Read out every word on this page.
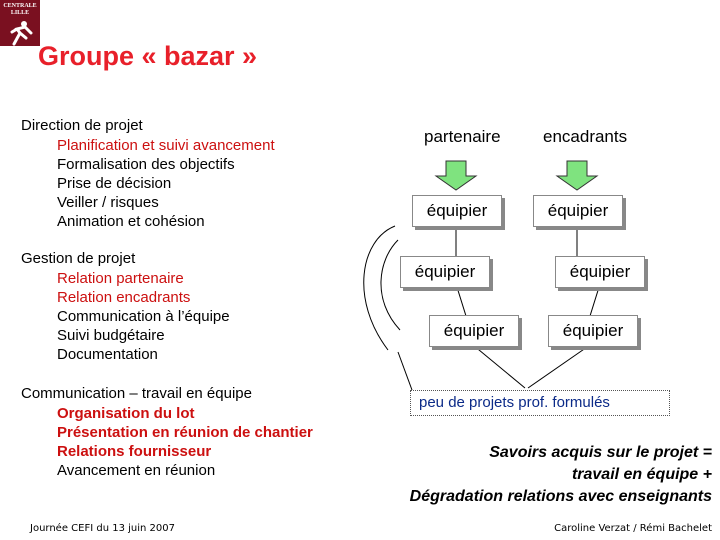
CENTRALE
LILLE
Groupe « bazar »
Direction de projet
Planification et suivi avancement
Formalisation des objectifs
Prise de décision
Veiller / risques
Animation et cohésion
Gestion de projet
Relation partenaire
Relation encadrants
Communication à l’équipe
Suivi budgétaire
Documentation
Communication – travail en équipe
Organisation du lot
Présentation en réunion de chantier
Relations fournisseur
Avancement en réunion
partenaire encadrants
équipier	équipier
équipier	équipier
équipier	équipier
peu de projets prof. formulés
Savoirs acquis sur le projet =
travail en équipe +
Dégradation relations avec enseignants
Journée CEFI du 13 juin 2007	Caroline Verzat / Rémi Bachelet
